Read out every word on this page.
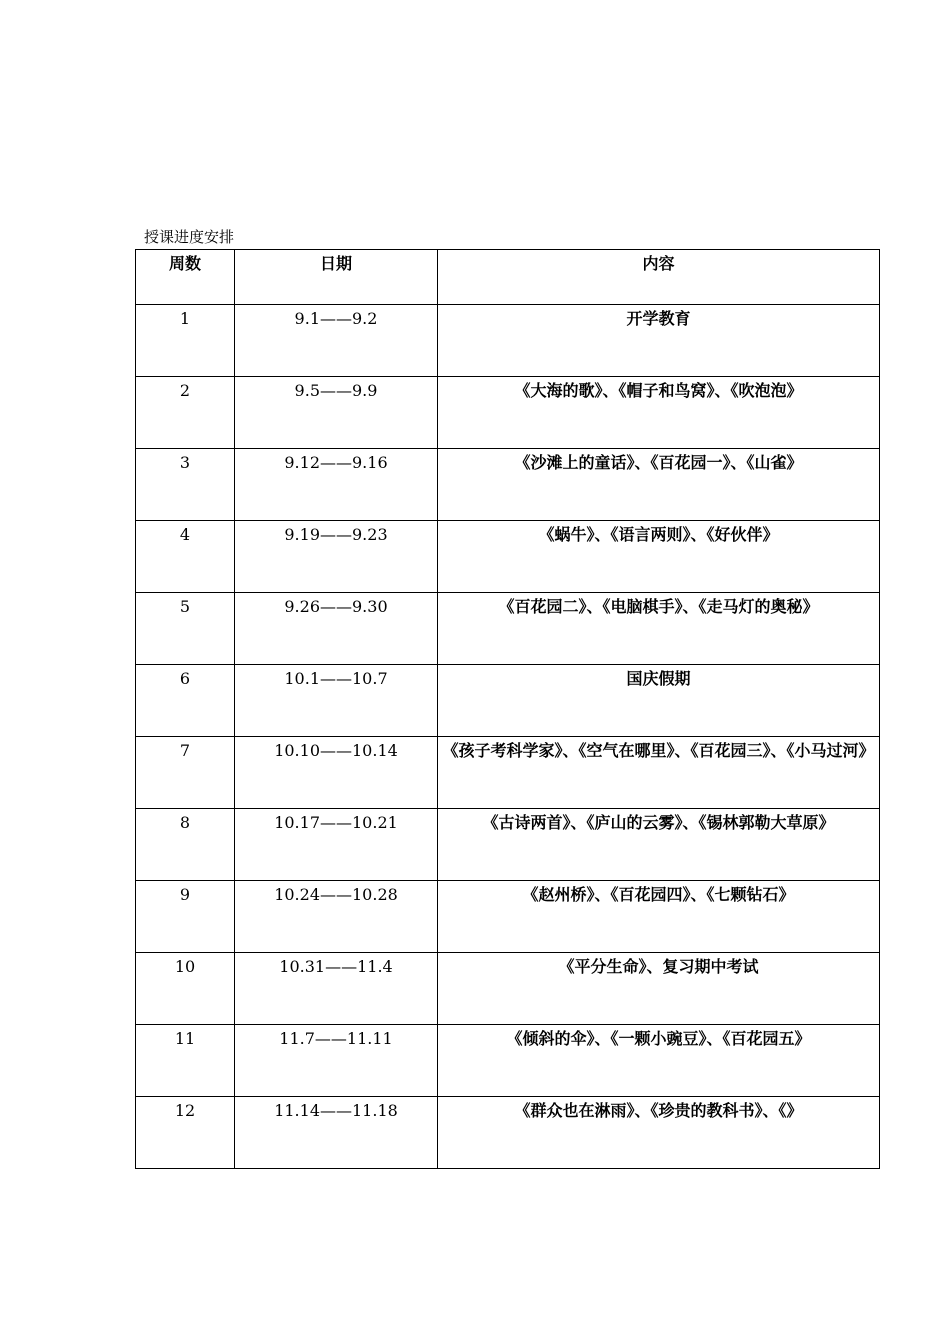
授课进度安排
周数	日期	内容
1	9.1——9.2	开学教育
2	9.5——9.9	《大海的歌》、《帽子和鸟窝》、《吹泡泡》
3	9.12——9.16	《沙滩上的童话》、《百花园一》、《山雀》
4	9.19——9.23	《蜗牛》、《语言两则》、《好伙伴》
5	9.26——9.30	《百花园二》、《电脑棋手》、《走马灯的奥秘》
6	10.1——10.7	国庆假期
7	10.10——10.14	《孩子考科学家》、《空气在哪里》、《百花园三》、《小马过河》
8	10.17——10.21	《古诗两首》、《庐山的云雾》、《锡林郭勒大草原》
9	10.24——10.28	《赵州桥》、《百花园四》、《七颗钻石》
10	10.31——11.4	《平分生命》、复习期中考试
11	11.7——11.11	《倾斜的伞》、《一颗小豌豆》、《百花园五》
12	11.14——11.18	《群众也在淋雨》、《珍贵的教科书》、《》
